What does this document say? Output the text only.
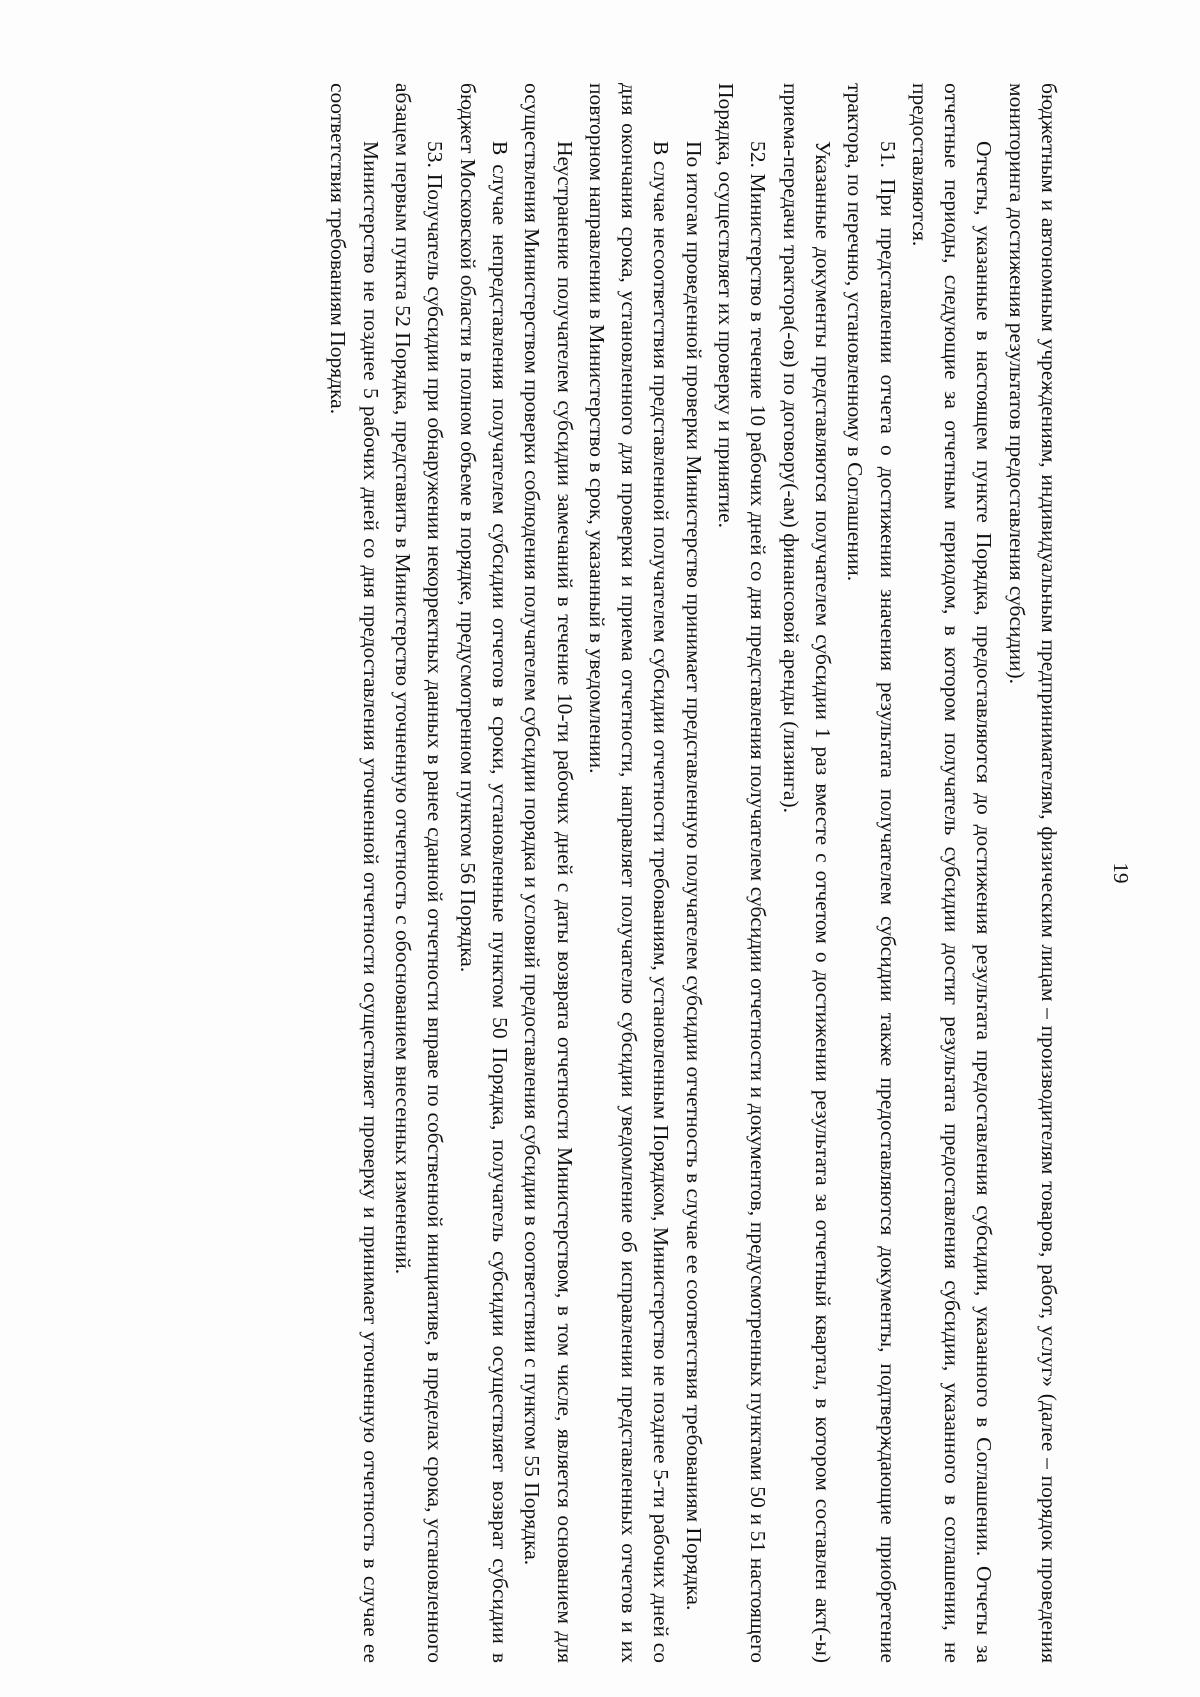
19

бюджетным и автономным учреждениям, индивидуальным предпринимателям, физическим лицам – производителям товаров, работ, услуг» (далее – порядок проведения мониторинга достижения результатов предоставления субсидии).

Отчеты, указанные в настоящем пункте Порядка, предоставляются до достижения результата предоставления субсидии, указанного в Соглашении. Отчеты за отчетные периоды, следующие за отчетным периодом, в котором получатель субсидии достиг результата предоставления субсидии, указанного в соглашении, не предоставляются.

51. При представлении отчета о достижении значения результата получателем субсидии также предоставляются документы, подтверждающие приобретение трактора, по перечню, установленному в Соглашении.

Указанные документы представляются получателем субсидии 1 раз вместе с отчетом о достижении результата за отчетный квартал, в котором составлен акт(-ы) приема-передачи трактора(-ов) по договору(-ам) финансовой аренды (лизинга).

52. Министерство в течение 10 рабочих дней со дня представления получателем субсидии отчетности и документов, предусмотренных пунктами 50 и 51 настоящего Порядка, осуществляет их проверку и принятие.

По итогам проведенной проверки Министерство принимает представленную получателем субсидии отчетность в случае ее соответствия требованиям Порядка.

В случае несоответствия представленной получателем субсидии отчетности требованиям, установленным Порядком, Министерство не позднее 5-ти рабочих дней со дня окончания срока, установленного для проверки и приема отчетности, направляет получателю субсидии уведомление об исправлении представленных отчетов и их повторном направлении в Министерство в срок, указанный в уведомлении.

Неустранение получателем субсидии замечаний в течение 10-ти рабочих дней с даты возврата отчетности Министерством, в том числе, является основанием для осуществления Министерством проверки соблюдения получателем субсидии порядка и условий предоставления субсидии в соответствии с пунктом 55 Порядка.

В случае непредставления получателем субсидии отчетов в сроки, установленные пунктом 50 Порядка, получатель субсидии осуществляет возврат субсидии в бюджет Московской области в полном объеме в порядке, предусмотренном пунктом 56 Порядка.

53. Получатель субсидии при обнаружении некорректных данных в ранее сданной отчетности вправе по собственной инициативе, в пределах срока, установленного абзацем первым пункта 52 Порядка, представить в Министерство уточненную отчетность с обоснованием внесенных изменений.

Министерство не позднее 5 рабочих дней со дня предоставления уточненной отчетности осуществляет проверку и принимает уточненную отчетность в случае ее соответствия требованиям Порядка.
